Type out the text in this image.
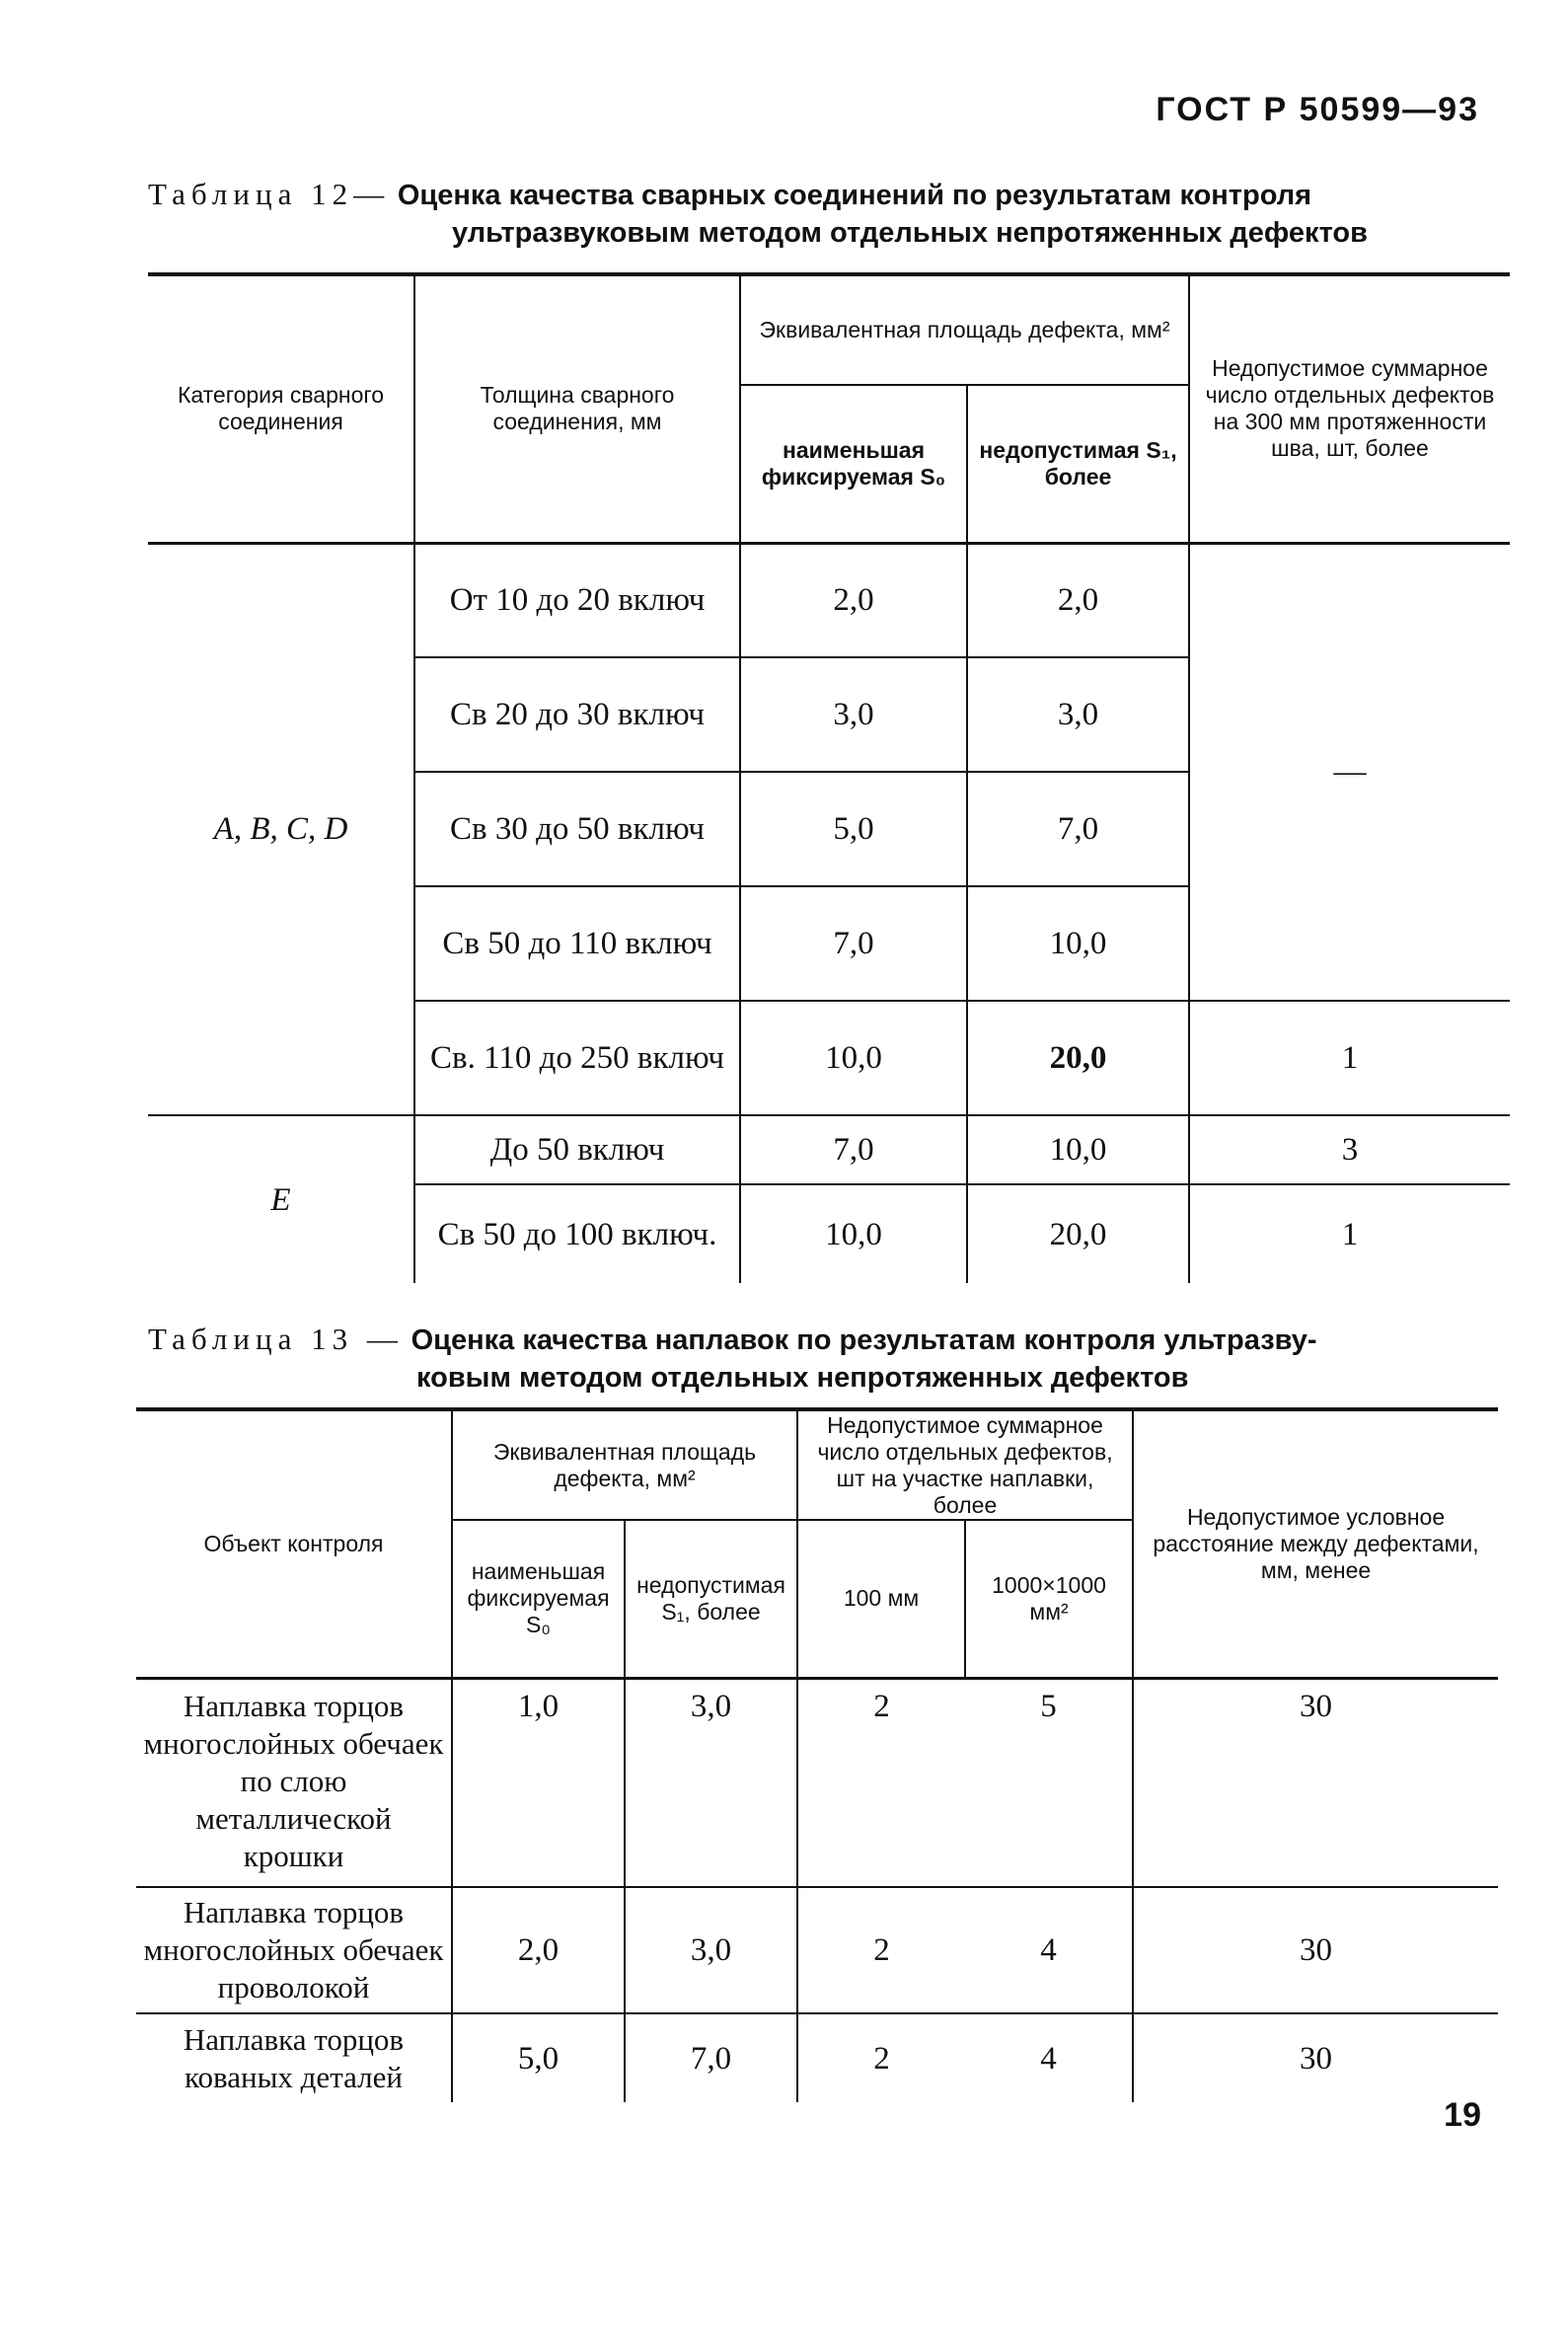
ГОСТ Р 50599—93
Таблица 12— Оценка качества сварных соединений по результатам контроля
ультразвуковым методом отдельных непротяженных дефектов
Категория сварного соединения	Толщина сварного соединения, мм	Эквивалентная площадь дефекта, мм²		Недопустимое суммарное число отдельных дефектов на 300 мм протяженности шва, шт, более
		наименьшая фиксируемая S₀	недопустимая S₁, более	
A, B, C, D	От 10 до 20 включ	2,0	2,0	—
	Св 20 до 30 включ	3,0	3,0	
	Св 30 до 50 включ	5,0	7,0	
	Св 50 до 110 включ	7,0	10,0	
	Св. 110 до 250 включ	10,0	20,0	1
E	До 50 включ	7,0	10,0	3
	Св 50 до 100 включ.	10,0	20,0	1
Таблица 13 — Оценка качества наплавок по результатам контроля ультразву-
ковым методом отдельных непротяженных дефектов
Объект контроля	Эквивалентная площадь дефекта, мм²		Недопустимое суммарное число отдельных дефектов, шт на участке наплавки, более		Недопустимое условное расстояние между дефектами, мм, менее
	наименьшая фиксируемая S₀	недопустимая S₁, более	100 мм	1000×1000 мм²	
Наплавка торцов многослойных обечаек по слою металлической крошки	1,0	3,0	2	5	30
Наплавка торцов многослойных обечаек проволокой	2,0	3,0	2	4	30
Наплавка торцов кованых деталей	5,0	7,0	2	4	30
19
